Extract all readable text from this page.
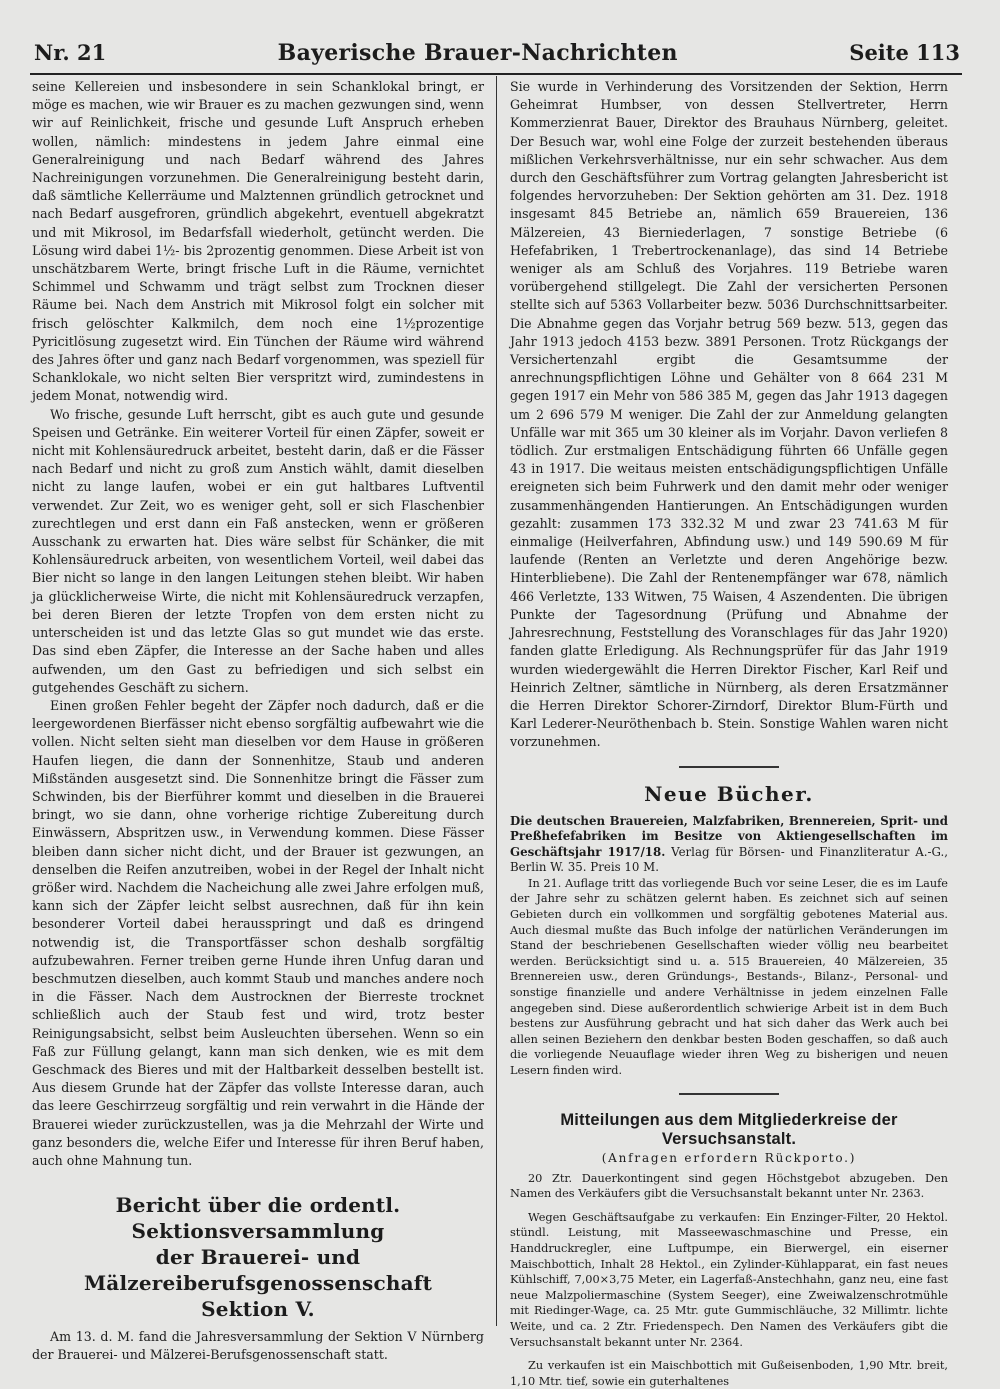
Nr. 21	Bayerische Brauer-Nachrichten	Seite 113

seine Kellereien und insbesondere in sein Schanklokal bringt, er möge es machen, wie wir Brauer es zu machen gezwungen sind, wenn wir auf Reinlichkeit, frische und gesunde Luft Anspruch erheben wollen, nämlich: mindestens in jedem Jahre einmal eine Generalreinigung und nach Bedarf während des Jahres Nachreinigungen vorzunehmen. Die Generalreinigung besteht darin, daß sämtliche Kellerräume und Malztennen gründlich getrocknet und nach Bedarf ausgefroren, gründlich abgekehrt, eventuell abgekratzt und mit Mikrosol, im Bedarfsfall wiederholt, getüncht werden. Die Lösung wird dabei 1½- bis 2prozentig genommen. Diese Arbeit ist von unschätzbarem Werte, bringt frische Luft in die Räume, vernichtet Schimmel und Schwamm und trägt selbst zum Trocknen dieser Räume bei. Nach dem Anstrich mit Mikrosol folgt ein solcher mit frisch gelöschter Kalkmilch, dem noch eine 1½prozentige Pyricitlösung zugesetzt wird. Ein Tünchen der Räume wird während des Jahres öfter und ganz nach Bedarf vorgenommen, was speziell für Schanklokale, wo nicht selten Bier verspritzt wird, zumindestens in jedem Monat, notwendig wird.

Wo frische, gesunde Luft herrscht, gibt es auch gute und gesunde Speisen und Getränke. Ein weiterer Vorteil für einen Zäpfer, soweit er nicht mit Kohlensäuredruck arbeitet, besteht darin, daß er die Fässer nach Bedarf und nicht zu groß zum Anstich wählt, damit dieselben nicht zu lange laufen, wobei er ein gut haltbares Luftventil verwendet. Zur Zeit, wo es weniger geht, soll er sich Flaschenbier zurechtlegen und erst dann ein Faß anstecken, wenn er größeren Ausschank zu erwarten hat. Dies wäre selbst für Schänker, die mit Kohlensäuredruck arbeiten, von wesentlichem Vorteil, weil dabei das Bier nicht so lange in den langen Leitungen stehen bleibt. Wir haben ja glücklicherweise Wirte, die nicht mit Kohlensäuredruck verzapfen, bei deren Bieren der letzte Tropfen von dem ersten nicht zu unterscheiden ist und das letzte Glas so gut mundet wie das erste. Das sind eben Zäpfer, die Interesse an der Sache haben und alles aufwenden, um den Gast zu befriedigen und sich selbst ein gutgehendes Geschäft zu sichern.

Einen großen Fehler begeht der Zäpfer noch dadurch, daß er die leergewordenen Bierfässer nicht ebenso sorgfältig aufbewahrt wie die vollen. Nicht selten sieht man dieselben vor dem Hause in größeren Haufen liegen, die dann der Sonnenhitze, Staub und anderen Mißständen ausgesetzt sind. Die Sonnenhitze bringt die Fässer zum Schwinden, bis der Bierführer kommt und dieselben in die Brauerei bringt, wo sie dann, ohne vorherige richtige Zubereitung durch Einwässern, Abspritzen usw., in Verwendung kommen. Diese Fässer bleiben dann sicher nicht dicht, und der Brauer ist gezwungen, an denselben die Reifen anzutreiben, wobei in der Regel der Inhalt nicht größer wird. Nachdem die Nacheichung alle zwei Jahre erfolgen muß, kann sich der Zäpfer leicht selbst ausrechnen, daß für ihn kein besonderer Vorteil dabei herausspringt und daß es dringend notwendig ist, die Transportfässer schon deshalb sorgfältig aufzubewahren. Ferner treiben gerne Hunde ihren Unfug daran und beschmutzen dieselben, auch kommt Staub und manches andere noch in die Fässer. Nach dem Austrocknen der Bierreste trocknet schließlich auch der Staub fest und wird, trotz bester Reinigungsabsicht, selbst beim Ausleuchten übersehen. Wenn so ein Faß zur Füllung gelangt, kann man sich denken, wie es mit dem Geschmack des Bieres und mit der Haltbarkeit desselben bestellt ist. Aus diesem Grunde hat der Zäpfer das vollste Interesse daran, auch das leere Geschirrzeug sorgfältig und rein verwahrt in die Hände der Brauerei wieder zurückzustellen, was ja die Mehrzahl der Wirte und ganz besonders die, welche Eifer und Interesse für ihren Beruf haben, auch ohne Mahnung tun.

Bericht über die ordentl. Sektionsversammlung
der Brauerei- und Mälzereiberufsgenossenschaft
Sektion V.

Am 13. d. M. fand die Jahresversammlung der Sektion V Nürnberg der Brauerei- und Mälzerei-Berufsgenossenschaft statt.

Sie wurde in Verhinderung des Vorsitzenden der Sektion, Herrn Geheimrat Humbser, von dessen Stellvertreter, Herrn Kommerzienrat Bauer, Direktor des Brauhaus Nürnberg, geleitet. Der Besuch war, wohl eine Folge der zurzeit bestehenden überaus mißlichen Verkehrsverhältnisse, nur ein sehr schwacher. Aus dem durch den Geschäftsführer zum Vortrag gelangten Jahresbericht ist folgendes hervorzuheben: Der Sektion gehörten am 31. Dez. 1918 insgesamt 845 Betriebe an, nämlich 659 Brauereien, 136 Mälzereien, 43 Bierniederlagen, 7 sonstige Betriebe (6 Hefefabriken, 1 Trebertrockenanlage), das sind 14 Betriebe weniger als am Schluß des Vorjahres. 119 Betriebe waren vorübergehend stillgelegt. Die Zahl der versicherten Personen stellte sich auf 5363 Vollarbeiter bezw. 5036 Durchschnittsarbeiter. Die Abnahme gegen das Vorjahr betrug 569 bezw. 513, gegen das Jahr 1913 jedoch 4153 bezw. 3891 Personen. Trotz Rückgangs der Versichertenzahl ergibt die Gesamtsumme der anrechnungspflichtigen Löhne und Gehälter von 8 664 231 M gegen 1917 ein Mehr von 586 385 M, gegen das Jahr 1913 dagegen um 2 696 579 M weniger. Die Zahl der zur Anmeldung gelangten Unfälle war mit 365 um 30 kleiner als im Vorjahr. Davon verliefen 8 tödlich. Zur erstmaligen Entschädigung führten 66 Unfälle gegen 43 in 1917. Die weitaus meisten entschädigungspflichtigen Unfälle ereigneten sich beim Fuhrwerk und den damit mehr oder weniger zusammenhängenden Hantierungen. An Entschädigungen wurden gezahlt: zusammen 173 332.32 M und zwar 23 741.63 M für einmalige (Heilverfahren, Abfindung usw.) und 149 590.69 M für laufende (Renten an Verletzte und deren Angehörige bezw. Hinterbliebene). Die Zahl der Rentenempfänger war 678, nämlich 466 Verletzte, 133 Witwen, 75 Waisen, 4 Aszendenten. Die übrigen Punkte der Tagesordnung (Prüfung und Abnahme der Jahresrechnung, Feststellung des Voranschlages für das Jahr 1920) fanden glatte Erledigung. Als Rechnungsprüfer für das Jahr 1919 wurden wiedergewählt die Herren Direktor Fischer, Karl Reif und Heinrich Zeltner, sämtliche in Nürnberg, als deren Ersatzmänner die Herren Direktor Schorer-Zirndorf, Direktor Blum-Fürth und Karl Lederer-Neuröthenbach b. Stein. Sonstige Wahlen waren nicht vorzunehmen.

Neue Bücher.

Die deutschen Brauereien, Malzfabriken, Brennereien, Sprit- und Preßhefefabriken im Besitze von Aktiengesellschaften im Geschäftsjahr 1917/18. Verlag für Börsen- und Finanzliteratur A.-G., Berlin W. 35. Preis 10 M.

In 21. Auflage tritt das vorliegende Buch vor seine Leser, die es im Laufe der Jahre sehr zu schätzen gelernt haben. Es zeichnet sich auf seinen Gebieten durch ein vollkommen und sorgfältig gebotenes Material aus. Auch diesmal mußte das Buch infolge der natürlichen Veränderungen im Stand der beschriebenen Gesellschaften wieder völlig neu bearbeitet werden. Berücksichtigt sind u. a. 515 Brauereien, 40 Mälzereien, 35 Brennereien usw., deren Gründungs-, Bestands-, Bilanz-, Personal- und sonstige finanzielle und andere Verhältnisse in jedem einzelnen Falle angegeben sind. Diese außerordentlich schwierige Arbeit ist in dem Buch bestens zur Ausführung gebracht und hat sich daher das Werk auch bei allen seinen Beziehern den denkbar besten Boden geschaffen, so daß auch die vorliegende Neuauflage wieder ihren Weg zu bisherigen und neuen Lesern finden wird.

Mitteilungen aus dem Mitgliederkreise der Versuchsanstalt.
(Anfragen erfordern Rückporto.)

20 Ztr. Dauerkontingent sind gegen Höchstgebot abzugeben. Den Namen des Verkäufers gibt die Versuchsanstalt bekannt unter Nr. 2363.

Wegen Geschäftsaufgabe zu verkaufen: Ein Enzinger-Filter, 20 Hektol. stündl. Leistung, mit Masseewaschmaschine und Presse, ein Handdruckregler, eine Luftpumpe, ein Bierwergel, ein eiserner Maischbottich, Inhalt 28 Hektol., ein Zylinder-Kühlapparat, ein fast neues Kühlschiff, 7,00×3,75 Meter, ein Lagerfaß-Anstechhahn, ganz neu, eine fast neue Malzpoliermaschine (System Seeger), eine Zweiwalzenschrotmühle mit Riedinger-Wage, ca. 25 Mtr. gute Gummischläuche, 32 Millimtr. lichte Weite, und ca. 2 Ztr. Friedenspech. Den Namen des Verkäufers gibt die Versuchsanstalt bekannt unter Nr. 2364.

Zu verkaufen ist ein Maischbottich mit Gußeisenboden, 1,90 Mtr. breit, 1,10 Mtr. tief, sowie ein guterhaltenes
